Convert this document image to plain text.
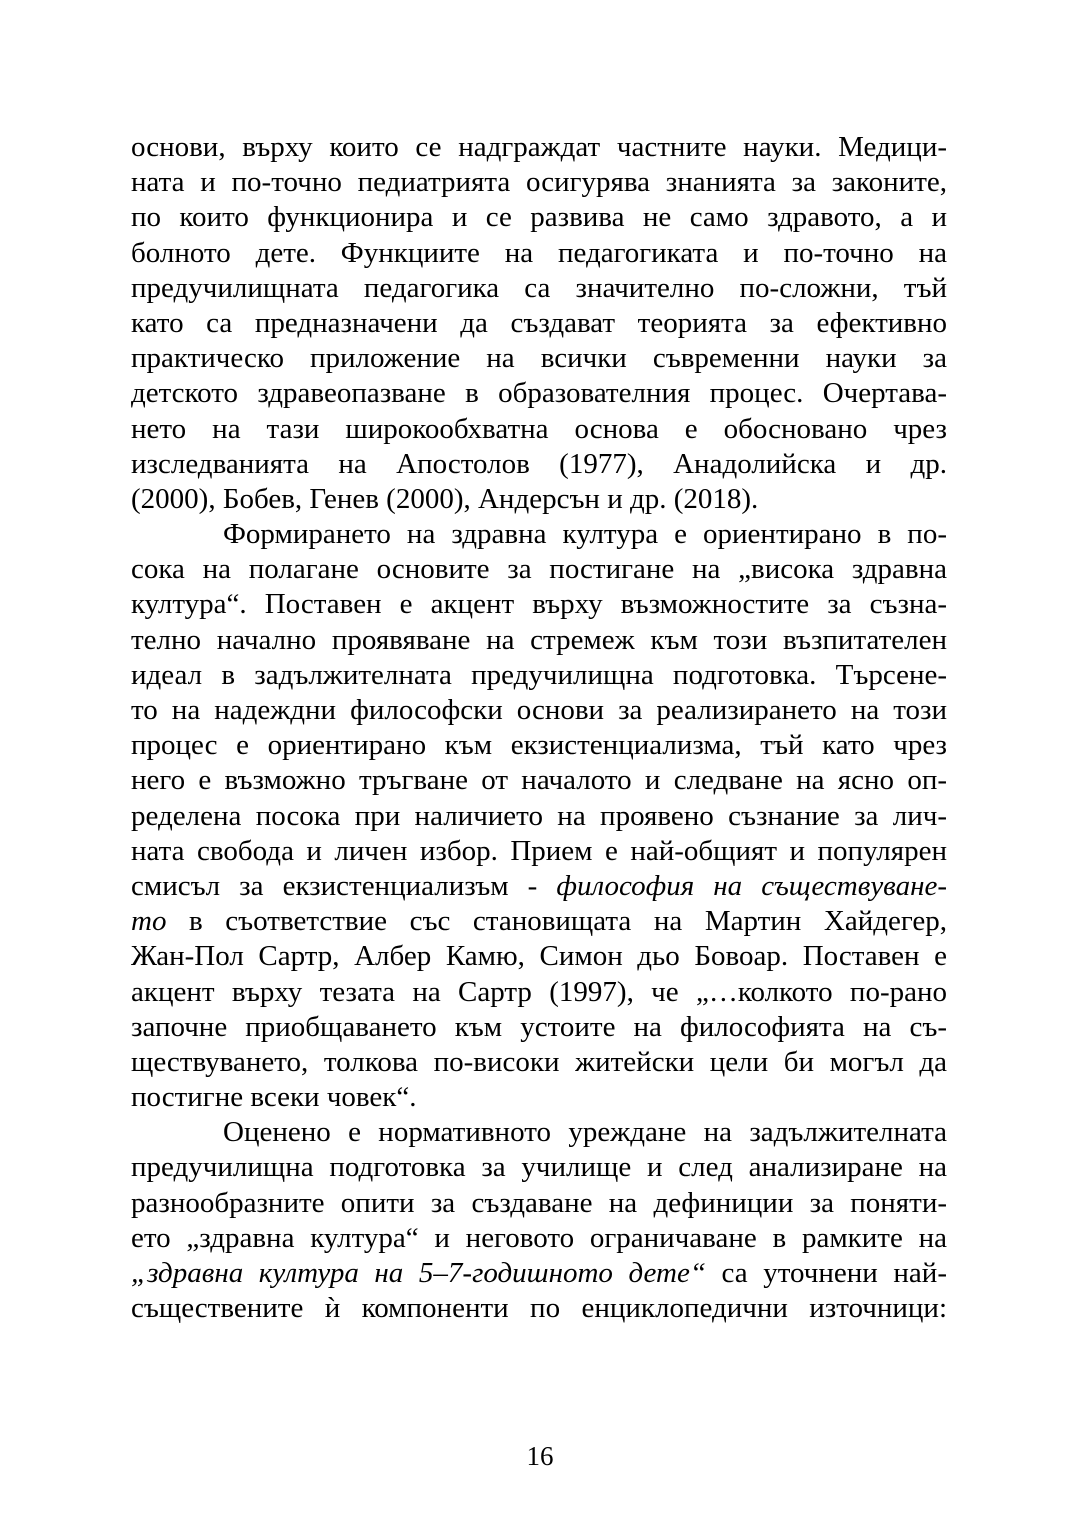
основи, върху които се надграждат частните науки. Медици-
ната и по-точно педиатрията осигурява знанията за законите,
по които функционира и се развива не само здравото, а и
болното дете. Функциите на педагогиката и по-точно на
предучилищната педагогика са значително по-сложни, тъй
като са предназначени да създават теорията за ефективно
практическо приложение на всички съвременни науки за
детското здравеопазване в образователния процес. Очертава-
нето на тази широкообхватна основа е обосновано чрез
изследванията на Апостолов (1977), Анадолийска и др.
(2000), Бобев, Генев (2000), Андерсън и др. (2018).
Формирането на здравна култура е ориентирано в по-
сока на полагане основите за постигане на „висока здравна
култура“. Поставен е акцент върху възможностите за съзна-
телно начално проявяване на стремеж към този възпитателен
идеал в задължителната предучилищна подготовка. Търсене-
то на надеждни философски основи за реализирането на този
процес е ориентирано към екзистенциализма, тъй като чрез
него е възможно тръгване от началото и следване на ясно оп-
ределена посока при наличието на проявено съзнание за лич-
ната свобода и личен избор. Прием е най-общият и популярен
смисъл за екзистенциализъм - философия на съществуване-
то в съответствие със становищата на Мартин Хайдегер,
Жан-Пол Сартр, Албер Камю, Симон дьо Бовоар. Поставен е
акцент върху тезата на Сартр (1997), че „…колкото по-рано
започне приобщаването към устоите на философията на съ-
ществуването, толкова по-високи житейски цели би могъл да
постигне всеки човек“.
Оценено е нормативното уреждане на задължителната
предучилищна подготовка за училище и след анализиране на
разнообразните опити за създаване на дефиниции за поняти-
ето „здравна култура“ и неговото ограничаване в рамките на
„здравна култура на 5–7-годишното дете“ са уточнени най-
съществените ѝ компоненти по енциклопедични източници:
16
